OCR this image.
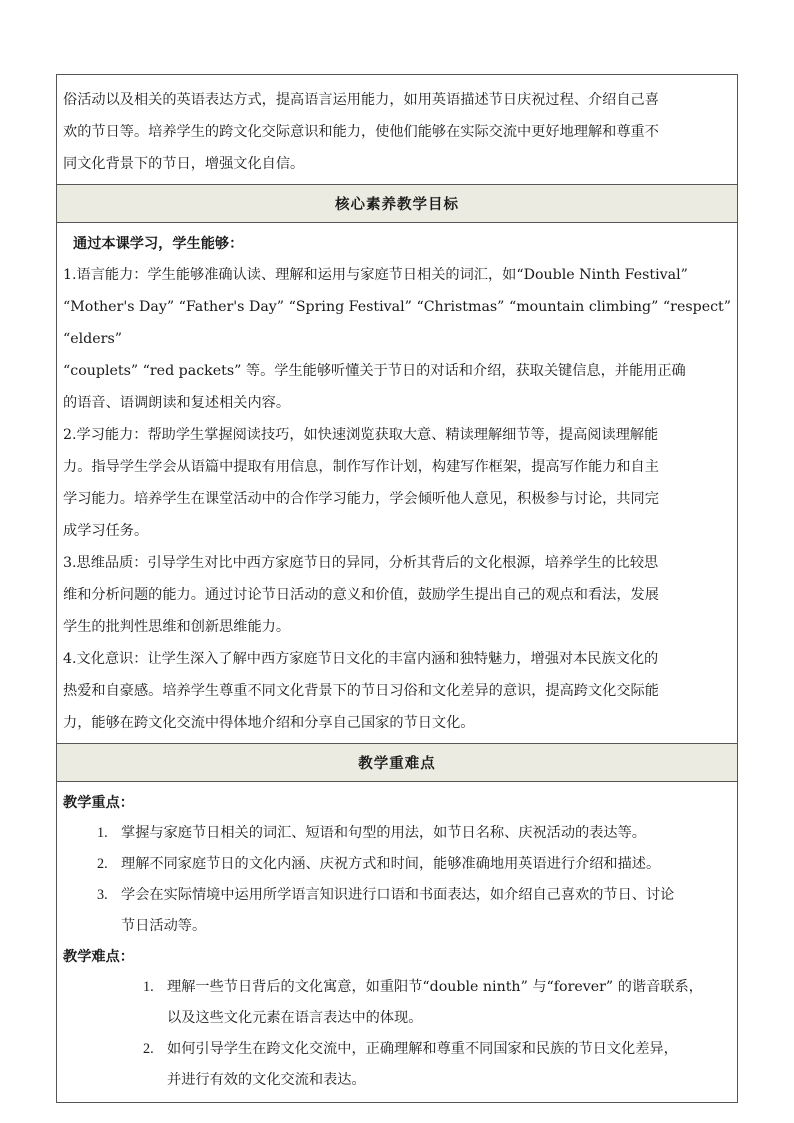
俗活动以及相关的英语表达方式，提高语言运用能力，如用英语描述节日庆祝过程、介绍自己喜

欢的节日等。培养学生的跨文化交际意识和能力，使他们能够在实际交流中更好地理解和尊重不

同文化背景下的节日，增强文化自信。

核心素养教学目标

通过本课学习，学生能够：

1.语言能力：学生能够准确认读、理解和运用与家庭节日相关的词汇，如“Double Ninth Festival”

“Mother's Day” “Father's Day” “Spring Festival” “Christmas” “mountain climbing” “respect” “elders”

“couplets” “red packets” 等。学生能够听懂关于节日的对话和介绍，获取关键信息，并能用正确

的语音、语调朗读和复述相关内容。

2.学习能力：帮助学生掌握阅读技巧，如快速浏览获取大意、精读理解细节等，提高阅读理解能

力。指导学生学会从语篇中提取有用信息，制作写作计划，构建写作框架，提高写作能力和自主

学习能力。培养学生在课堂活动中的合作学习能力，学会倾听他人意见，积极参与讨论，共同完

成学习任务。

3.思维品质：引导学生对比中西方家庭节日的异同，分析其背后的文化根源，培养学生的比较思

维和分析问题的能力。通过讨论节日活动的意义和价值，鼓励学生提出自己的观点和看法，发展

学生的批判性思维和创新思维能力。

4.文化意识：让学生深入了解中西方家庭节日文化的丰富内涵和独特魅力，增强对本民族文化的

热爱和自豪感。培养学生尊重不同文化背景下的节日习俗和文化差异的意识，提高跨文化交际能

力，能够在跨文化交流中得体地介绍和分享自己国家的节日文化。

教学重难点

教学重点：

1. 掌握与家庭节日相关的词汇、短语和句型的用法，如节日名称、庆祝活动的表达等。
2. 理解不同家庭节日的文化内涵、庆祝方式和时间，能够准确地用英语进行介绍和描述。
3. 学会在实际情境中运用所学语言知识进行口语和书面表达，如介绍自己喜欢的节日、讨论
节日活动等。

教学难点：

1. 理解一些节日背后的文化寓意，如重阳节“double ninth” 与“forever” 的谐音联系，
以及这些文化元素在语言表达中的体现。
2. 如何引导学生在跨文化交流中，正确理解和尊重不同国家和民族的节日文化差异，
并进行有效的文化交流和表达。
